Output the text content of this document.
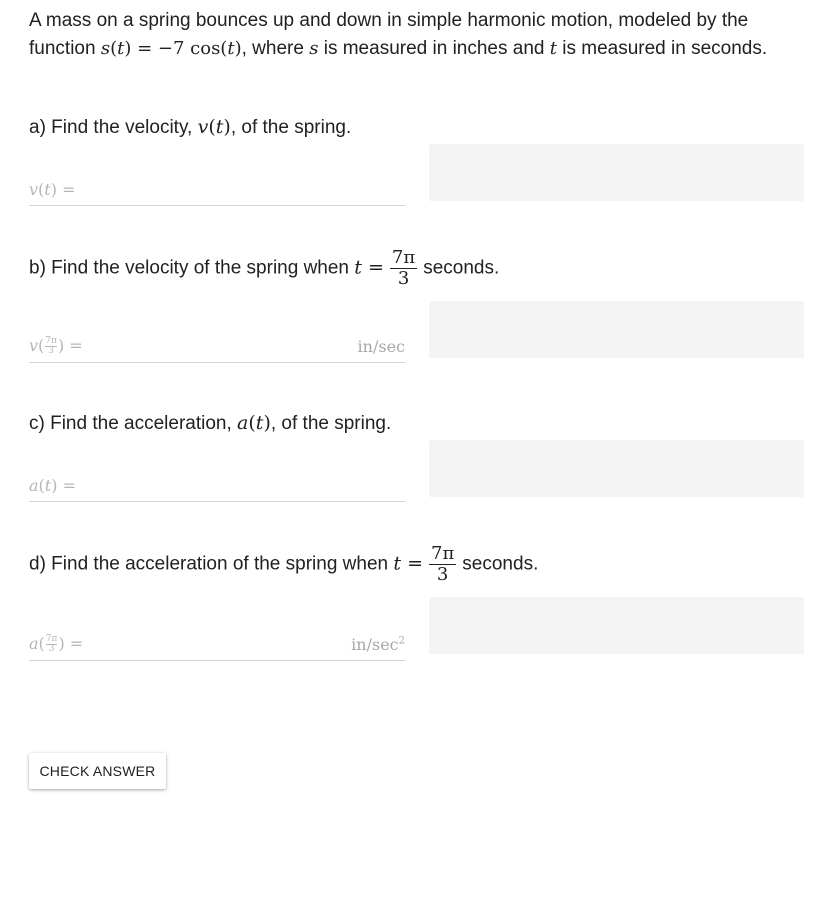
A mass on a spring bounces up and down in simple harmonic motion, modeled by the function s(t) = −7 cos(t), where s is measured in inches and t is measured in seconds.
a) Find the velocity, v(t), of the spring.
v(t) =
b) Find the velocity of the spring when $t = \frac{7\pi}{3}$ seconds.
$v( \frac{7\pi}{3}$ ) =	in/sec
c) Find the acceleration, a(t), of the spring.
a(t) =
d) Find the acceleration of the spring when $t = \frac{7\pi}{3}$ seconds.
$a( \frac{7\pi}{3}$ ) =	$in/\sec^2$
CHECK ANSWER
